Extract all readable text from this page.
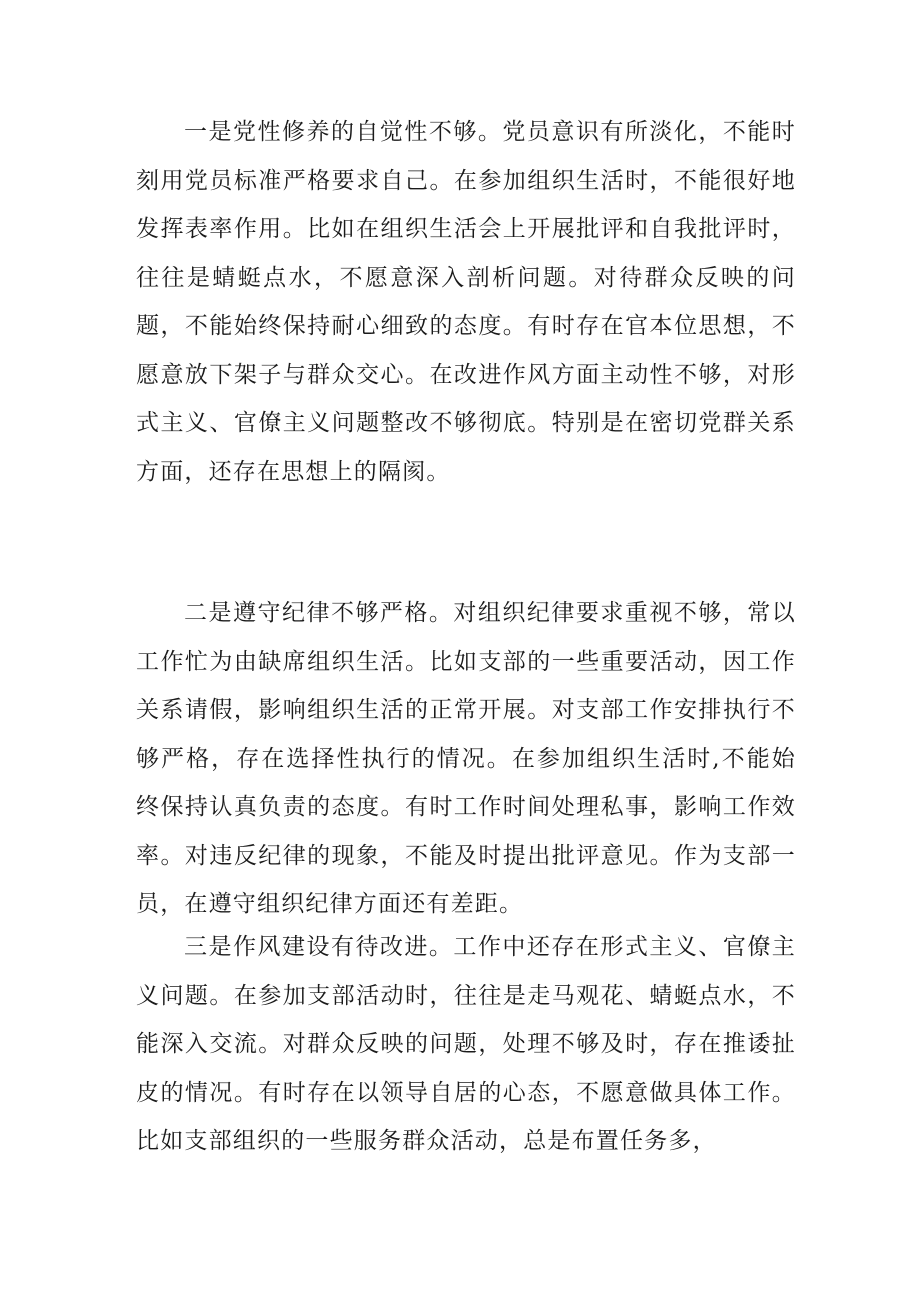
一是党性修养的自觉性不够。党员意识有所淡化，不能时刻用党员标准严格要求自己。在参加组织生活时，不能很好地发挥表率作用。比如在组织生活会上开展批评和自我批评时，往往是蜻蜓点水，不愿意深入剖析问题。对待群众反映的问题，不能始终保持耐心细致的态度。有时存在官本位思想，不愿意放下架子与群众交心。在改进作风方面主动性不够，对形式主义、官僚主义问题整改不够彻底。特别是在密切党群关系方面，还存在思想上的隔阂。

二是遵守纪律不够严格。对组织纪律要求重视不够，常以工作忙为由缺席组织生活。比如支部的一些重要活动，因工作关系请假，影响组织生活的正常开展。对支部工作安排执行不够严格，存在选择性执行的情况。在参加组织生活时,不能始终保持认真负责的态度。有时工作时间处理私事，影响工作效率。对违反纪律的现象，不能及时提出批评意见。作为支部一员，在遵守组织纪律方面还有差距。

三是作风建设有待改进。工作中还存在形式主义、官僚主义问题。在参加支部活动时，往往是走马观花、蜻蜓点水，不能深入交流。对群众反映的问题，处理不够及时，存在推诿扯皮的情况。有时存在以领导自居的心态，不愿意做具体工作。比如支部组织的一些服务群众活动，总是布置任务多，
